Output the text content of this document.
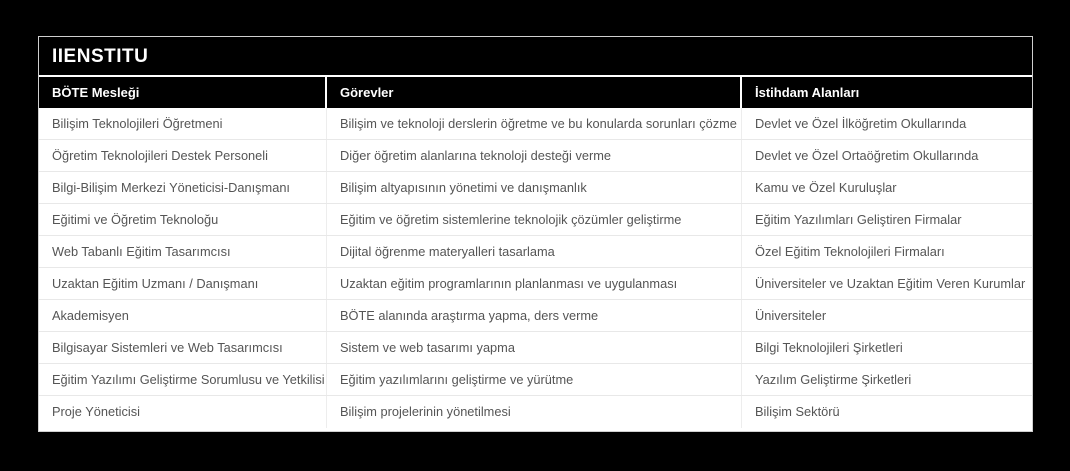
IIENSTITU
BÖTE Mesleği	Görevler	İstihdam Alanları
Bilişim Teknolojileri Öğretmeni	Bilişim ve teknoloji derslerin öğretme ve bu konularda sorunları çözme	Devlet ve Özel İlköğretim Okullarında
Öğretim Teknolojileri Destek Personeli	Diğer öğretim alanlarına teknoloji desteği verme	Devlet ve Özel Ortaöğretim Okullarında
Bilgi-Bilişim Merkezi Yöneticisi-Danışmanı	Bilişim altyapısının yönetimi ve danışmanlık	Kamu ve Özel Kuruluşlar
Eğitimi ve Öğretim Teknoloğu	Eğitim ve öğretim sistemlerine teknolojik çözümler geliştirme	Eğitim Yazılımları Geliştiren Firmalar
Web Tabanlı Eğitim Tasarımcısı	Dijital öğrenme materyalleri tasarlama	Özel Eğitim Teknolojileri Firmaları
Uzaktan Eğitim Uzmanı / Danışmanı	Uzaktan eğitim programlarının planlanması ve uygulanması	Üniversiteler ve Uzaktan Eğitim Veren Kurumlar
Akademisyen	BÖTE alanında araştırma yapma, ders verme	Üniversiteler
Bilgisayar Sistemleri ve Web Tasarımcısı	Sistem ve web tasarımı yapma	Bilgi Teknolojileri Şirketleri
Eğitim Yazılımı Geliştirme Sorumlusu ve Yetkilisi	Eğitim yazılımlarını geliştirme ve yürütme	Yazılım Geliştirme Şirketleri
Proje Yöneticisi	Bilişim projelerinin yönetilmesi	Bilişim Sektörü
